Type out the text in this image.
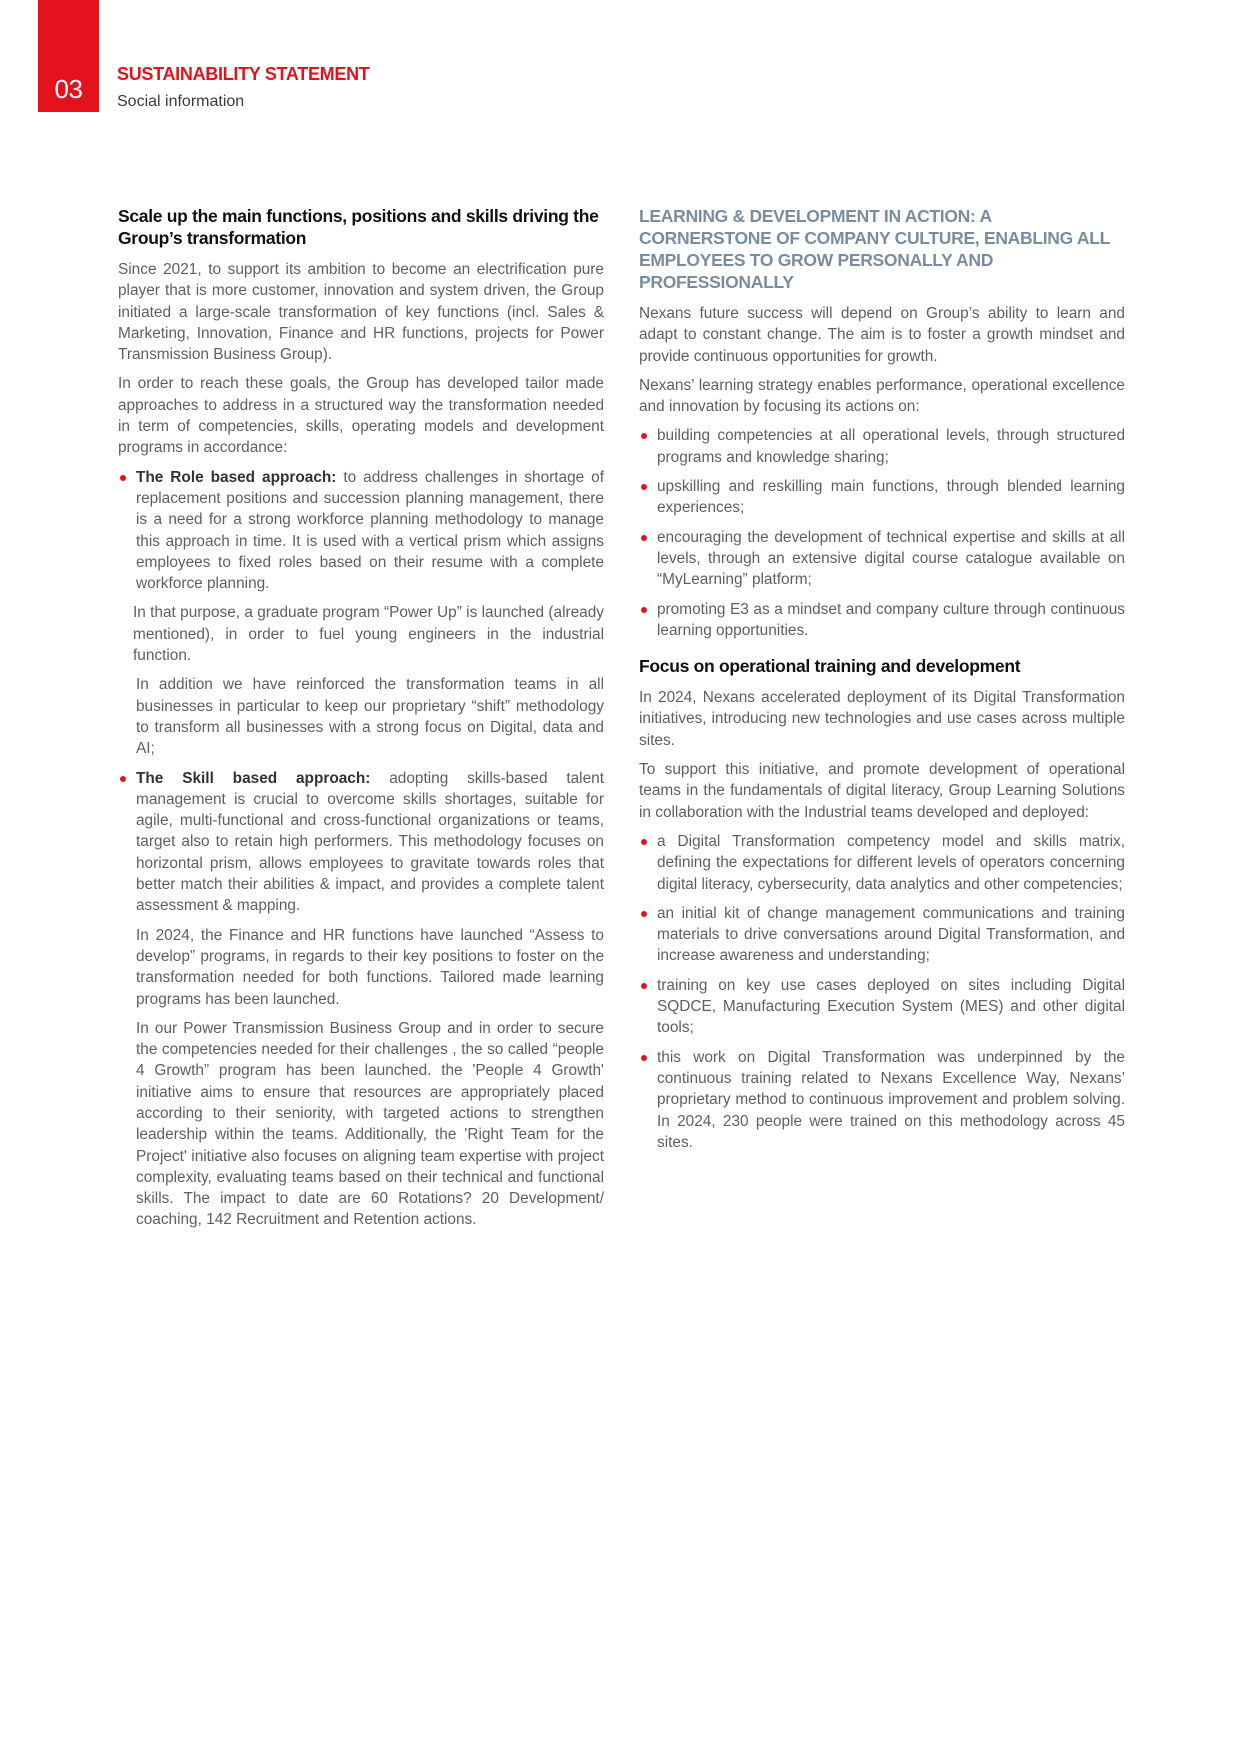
03	SUSTAINABILITY STATEMENT
Social information
Scale up the main functions, positions and skills driving the Group’s transformation

Since 2021, to support its ambition to become an electrification pure player that is more customer, innovation and system driven, the Group initiated a large-scale transformation of key functions (incl. Sales & Marketing, Innovation, Finance and HR functions, projects for Power Transmission Business Group).

In order to reach these goals, the Group has developed tailor made approaches to address in a structured way the transformation needed in term of competencies, skills, operating models and development programs in accordance:

The Role based approach: to address challenges in shortage of replacement positions and succession planning management, there is a need for a strong workforce planning methodology to manage this approach in time. It is used with a vertical prism which assigns employees to fixed roles based on their resume with a complete workforce planning.

In that purpose, a graduate program “Power Up” is launched (already mentioned), in order to fuel young engineers in the industrial function.

In addition we have reinforced the transformation teams in all businesses in particular to keep our proprietary “shift” methodology to transform all businesses with a strong focus on Digital, data and AI;

The Skill based approach: adopting skills-based talent management is crucial to overcome skills shortages, suitable for agile, multi-functional and cross-functional organizations or teams, target also to retain high performers. This methodology focuses on horizontal prism, allows employees to gravitate towards roles that better match their abilities & impact, and provides a complete talent assessment & mapping.

In 2024, the Finance and HR functions have launched “Assess to develop” programs, in regards to their key positions to foster on the transformation needed for both functions. Tailored made learning programs has been launched.

In our Power Transmission Business Group and in order to secure the competencies needed for their challenges , the so called “people 4 Growth” program has been launched. the 'People 4 Growth' initiative aims to ensure that resources are appropriately placed according to their seniority, with targeted actions to strengthen leadership within the teams. Additionally, the 'Right Team for the Project' initiative also focuses on aligning team expertise with project complexity, evaluating teams based on their technical and functional skills. The impact to date are 60 Rotations? 20 Development/ coaching, 142 Recruitment and Retention actions.

LEARNING & DEVELOPMENT IN ACTION: A CORNERSTONE OF COMPANY CULTURE, ENABLING ALL EMPLOYEES TO GROW PERSONALLY AND PROFESSIONALLY

Nexans future success will depend on Group’s ability to learn and adapt to constant change. The aim is to foster a growth mindset and provide continuous opportunities for growth.

Nexans’ learning strategy enables performance, operational excellence and innovation by focusing its actions on:

building competencies at all operational levels, through structured programs and knowledge sharing;

upskilling and reskilling main functions, through blended learning experiences;

encouraging the development of technical expertise and skills at all levels, through an extensive digital course catalogue available on “MyLearning” platform;

promoting E3 as a mindset and company culture through continuous learning opportunities.

Focus on operational training and development

In 2024, Nexans accelerated deployment of its Digital Transformation initiatives, introducing new technologies and use cases across multiple sites.

To support this initiative, and promote development of operational teams in the fundamentals of digital literacy, Group Learning Solutions in collaboration with the Industrial teams developed and deployed:

a Digital Transformation competency model and skills matrix, defining the expectations for different levels of operators concerning digital literacy, cybersecurity, data analytics and other competencies;

an initial kit of change management communications and training materials to drive conversations around Digital Transformation, and increase awareness and understanding;

training on key use cases deployed on sites including Digital SQDCE, Manufacturing Execution System (MES) and other digital tools;

this work on Digital Transformation was underpinned by the continuous training related to Nexans Excellence Way, Nexans’ proprietary method to continuous improvement and problem solving. In 2024, 230 people were trained on this methodology across 45 sites.
